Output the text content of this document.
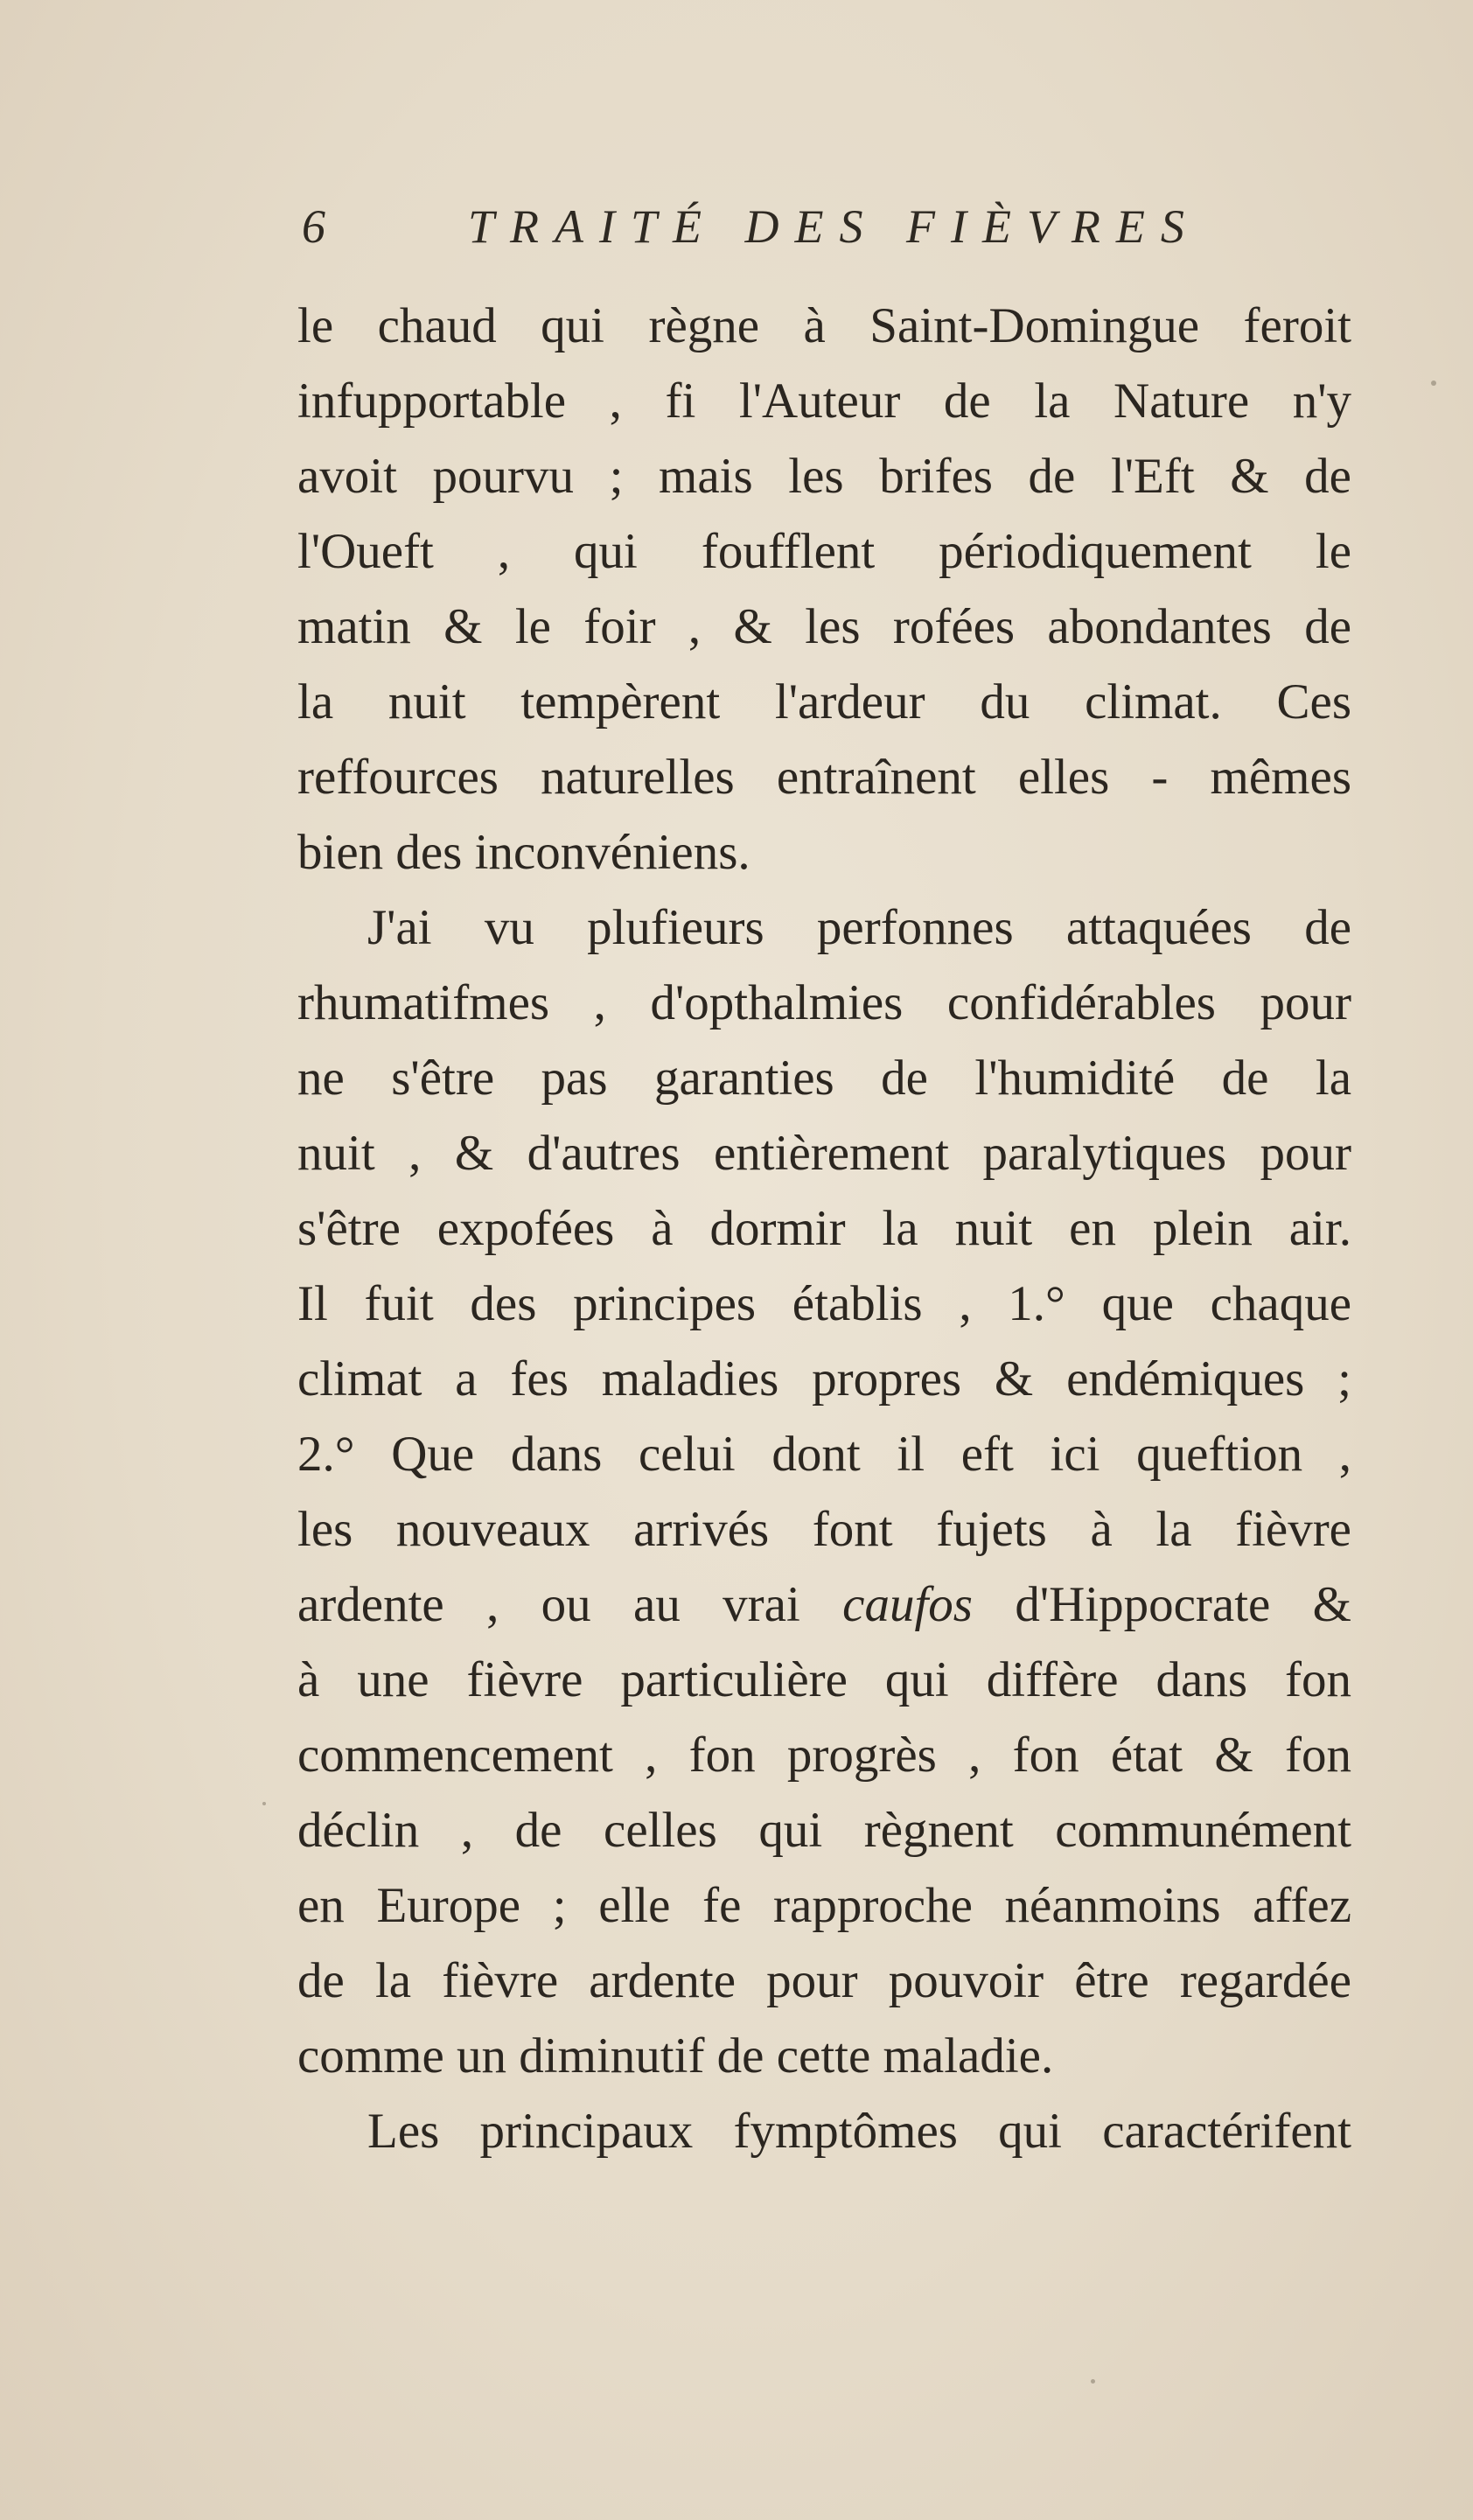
6	TRAITÉ DES FIÈVRES
le chaud qui règne à Saint-Domingue feroit
infupportable , fi l'Auteur de la Nature n'y
avoit pourvu ; mais les brifes de l'Eft & de
l'Oueft , qui foufflent périodiquement le
matin & le foir , & les rofées abondantes de
la nuit tempèrent l'ardeur du climat. Ces
reffources naturelles entraînent elles - mêmes
bien des inconvéniens.
J'ai vu plufieurs perfonnes attaquées de
rhumatifmes , d'opthalmies confidérables pour
ne s'être pas garanties de l'humidité de la
nuit , & d'autres entièrement paralytiques pour
s'être expofées à dormir la nuit en plein air.
Il fuit des principes établis , 1.° que chaque
climat a fes maladies propres & endémiques ;
2.° Que dans celui dont il eft ici queftion ,
les nouveaux arrivés font fujets à la fièvre
ardente , ou au vrai caufos d'Hippocrate &
à une fièvre particulière qui diffère dans fon
commencement , fon progrès , fon état & fon
déclin , de celles qui règnent communément
en Europe ; elle fe rapproche néanmoins affez
de la fièvre ardente pour pouvoir être regardée
comme un diminutif de cette maladie.
Les principaux fymptômes qui caractérifent
